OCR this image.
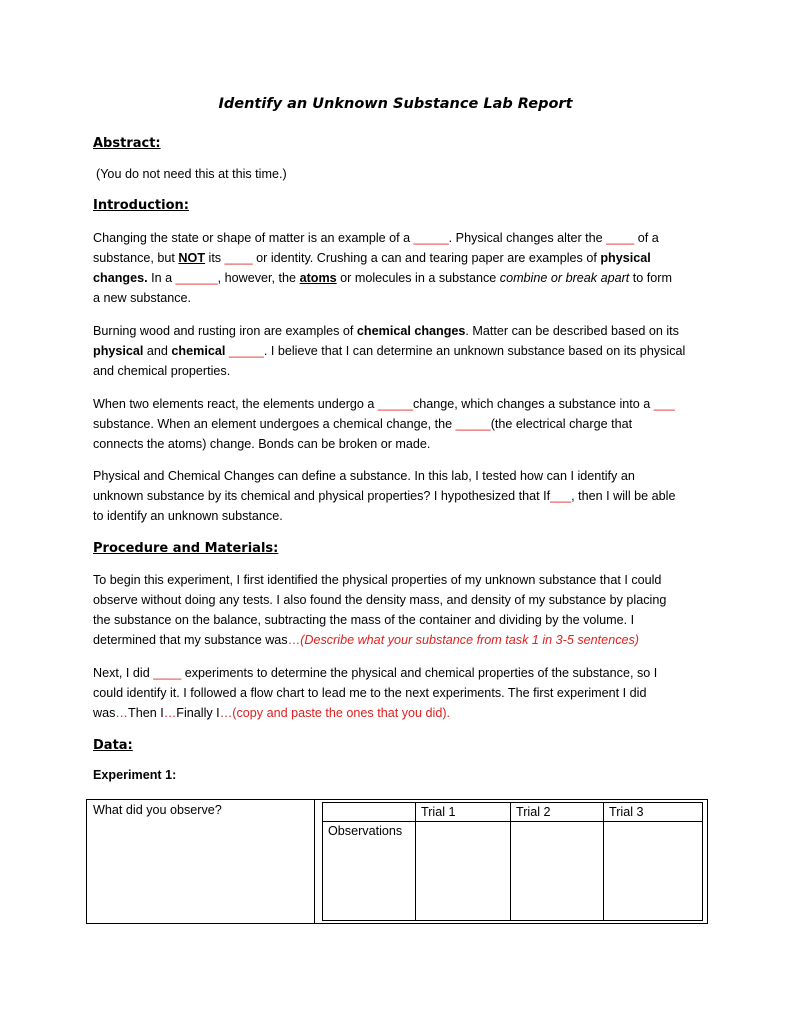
Identify an Unknown Substance Lab Report
Abstract:
(You do not need this at this time.)
Introduction:
Changing the state or shape of matter is an example of a _____. Physical changes alter the ____ of a
substance, but NOT its ____ or identity. Crushing a can and tearing paper are examples of physical
changes. In a ______, however, the atoms or molecules in a substance combine or break apart to form
a new substance.
Burning wood and rusting iron are examples of chemical changes. Matter can be described based on its
physical and chemical _____. I believe that I can determine an unknown substance based on its physical
and chemical properties.
When two elements react, the elements undergo a _____change, which changes a substance into a ___
substance. When an element undergoes a chemical change, the _____(the electrical charge that
connects the atoms) change. Bonds can be broken or made.
Physical and Chemical Changes can define a substance. In this lab, I tested how can I identify an
unknown substance by its chemical and physical properties? I hypothesized that If___, then I will be able
to identify an unknown substance.
Procedure and Materials:
To begin this experiment, I first identified the physical properties of my unknown substance that I could
observe without doing any tests. I also found the density mass, and density of my substance by placing
the substance on the balance, subtracting the mass of the container and dividing by the volume. I
determined that my substance was…(Describe what your substance from task 1 in 3-5 sentences)
Next, I did ____ experiments to determine the physical and chemical properties of the substance, so I
could identify it. I followed a flow chart to lead me to the next experiments. The first experiment I did
was…Then I…Finally I…(copy and paste the ones that you did).
Data:
Experiment 1:
What did you observe?
		Trial 1	Trial 2	Trial 3
Observations			
